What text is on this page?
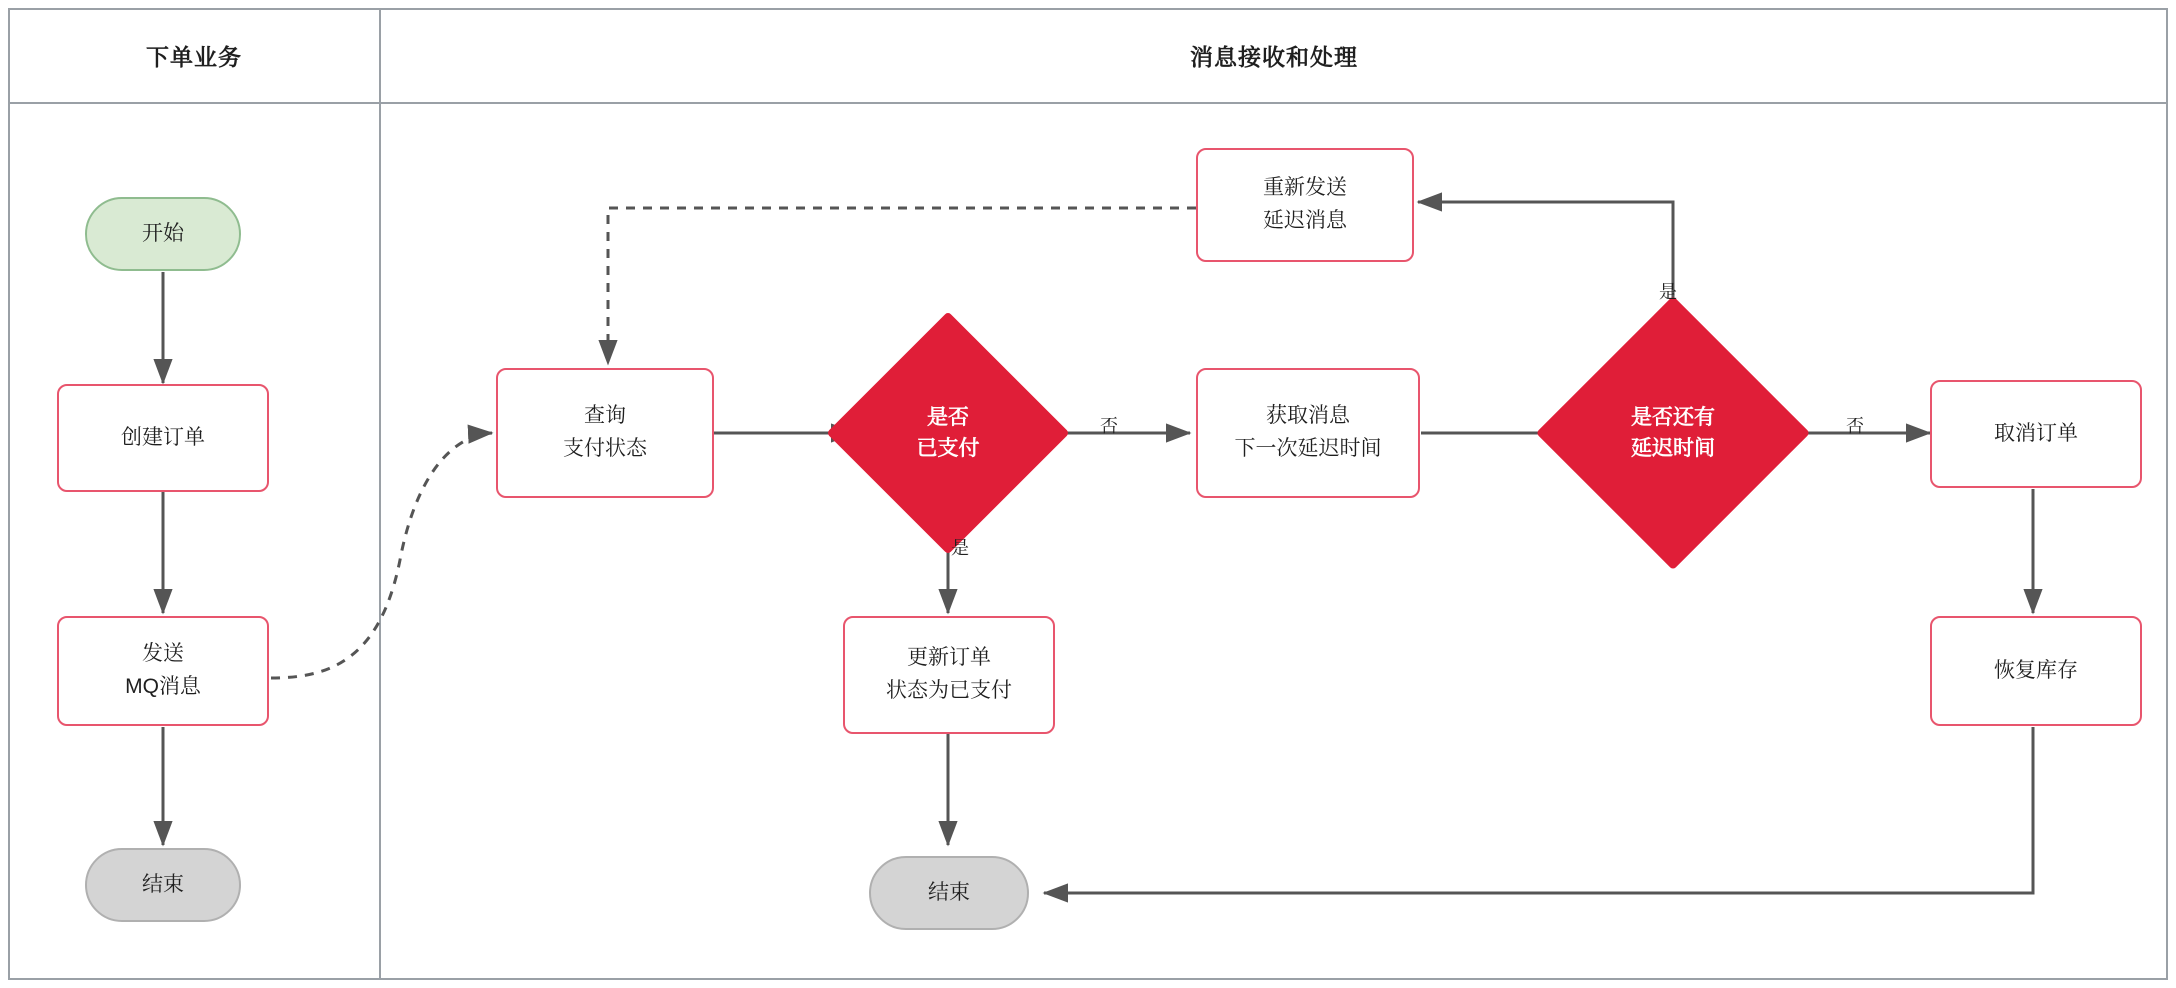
下单业务	消息接收和处理
开始
创建订单
发送
MQ消息
结束
重新发送
延迟消息
查询
支付状态
是否
已支付
获取消息
下一次延迟时间
是否还有
延迟时间
取消订单
恢复库存
更新订单
状态为已支付
结束
否
是
是
否
